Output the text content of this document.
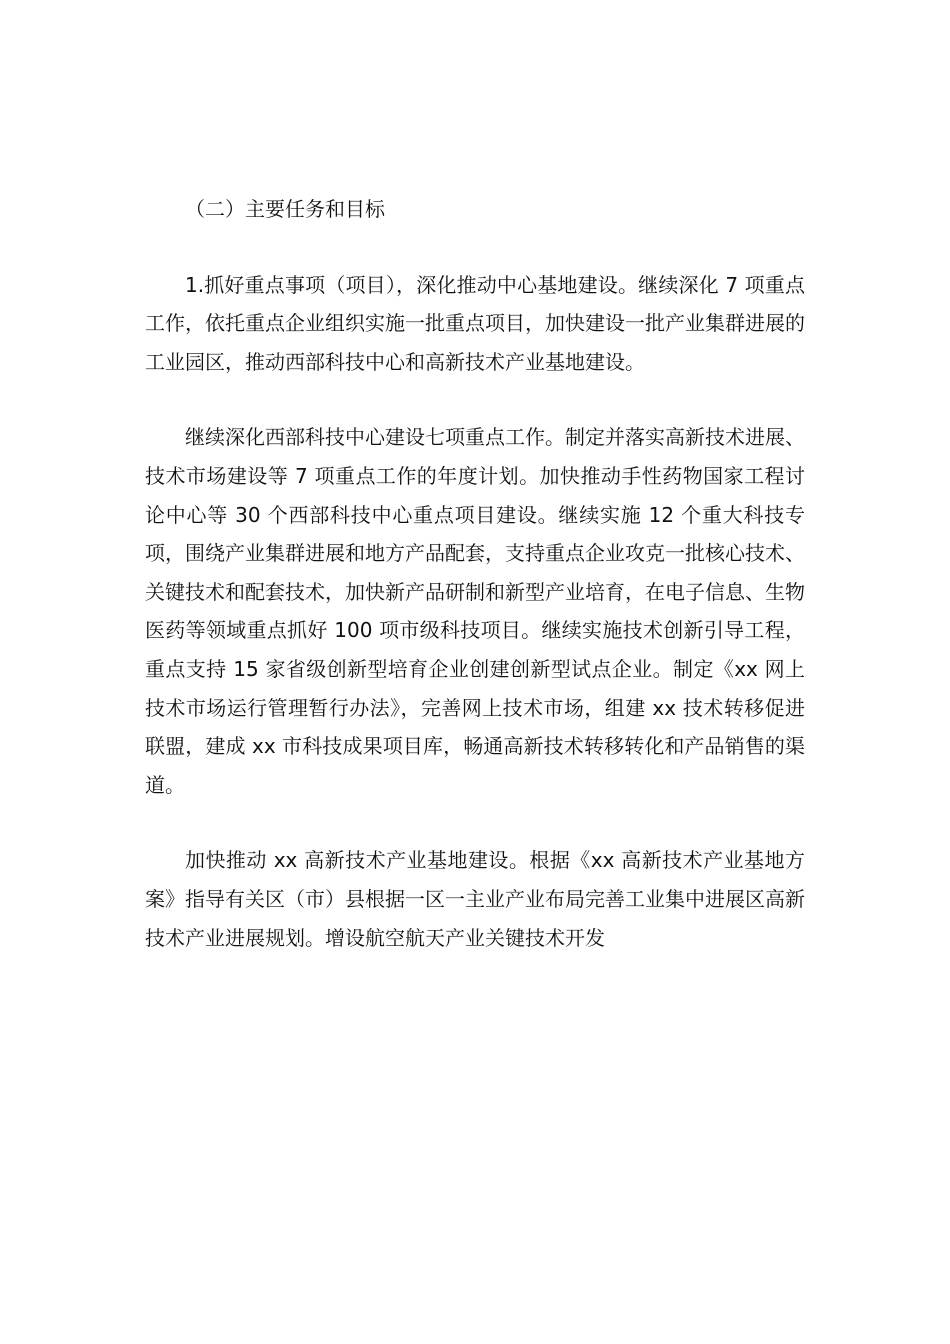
（二）主要任务和目标

1.抓好重点事项（项目），深化推动中心基地建设。继续深化 7 项重点工作，依托重点企业组织实施一批重点项目，加快建设一批产业集群进展的工业园区，推动西部科技中心和高新技术产业基地建设。

继续深化西部科技中心建设七项重点工作。制定并落实高新技术进展、技术市场建设等 7 项重点工作的年度计划。加快推动手性药物国家工程讨论中心等 30 个西部科技中心重点项目建设。继续实施 12 个重大科技专项，围绕产业集群进展和地方产品配套，支持重点企业攻克一批核心技术、关键技术和配套技术，加快新产品研制和新型产业培育，在电子信息、生物医药等领域重点抓好 100 项市级科技项目。继续实施技术创新引导工程，重点支持 15 家省级创新型培育企业创建创新型试点企业。制定《xx 网上技术市场运行管理暂行办法》，完善网上技术市场，组建 xx 技术转移促进联盟，建成 xx 市科技成果项目库，畅通高新技术转移转化和产品销售的渠道。

加快推动 xx 高新技术产业基地建设。根据《xx 高新技术产业基地方案》指导有关区（市）县根据一区一主业产业布局完善工业集中进展区高新技术产业进展规划。增设航空航天产业关键技术开发
